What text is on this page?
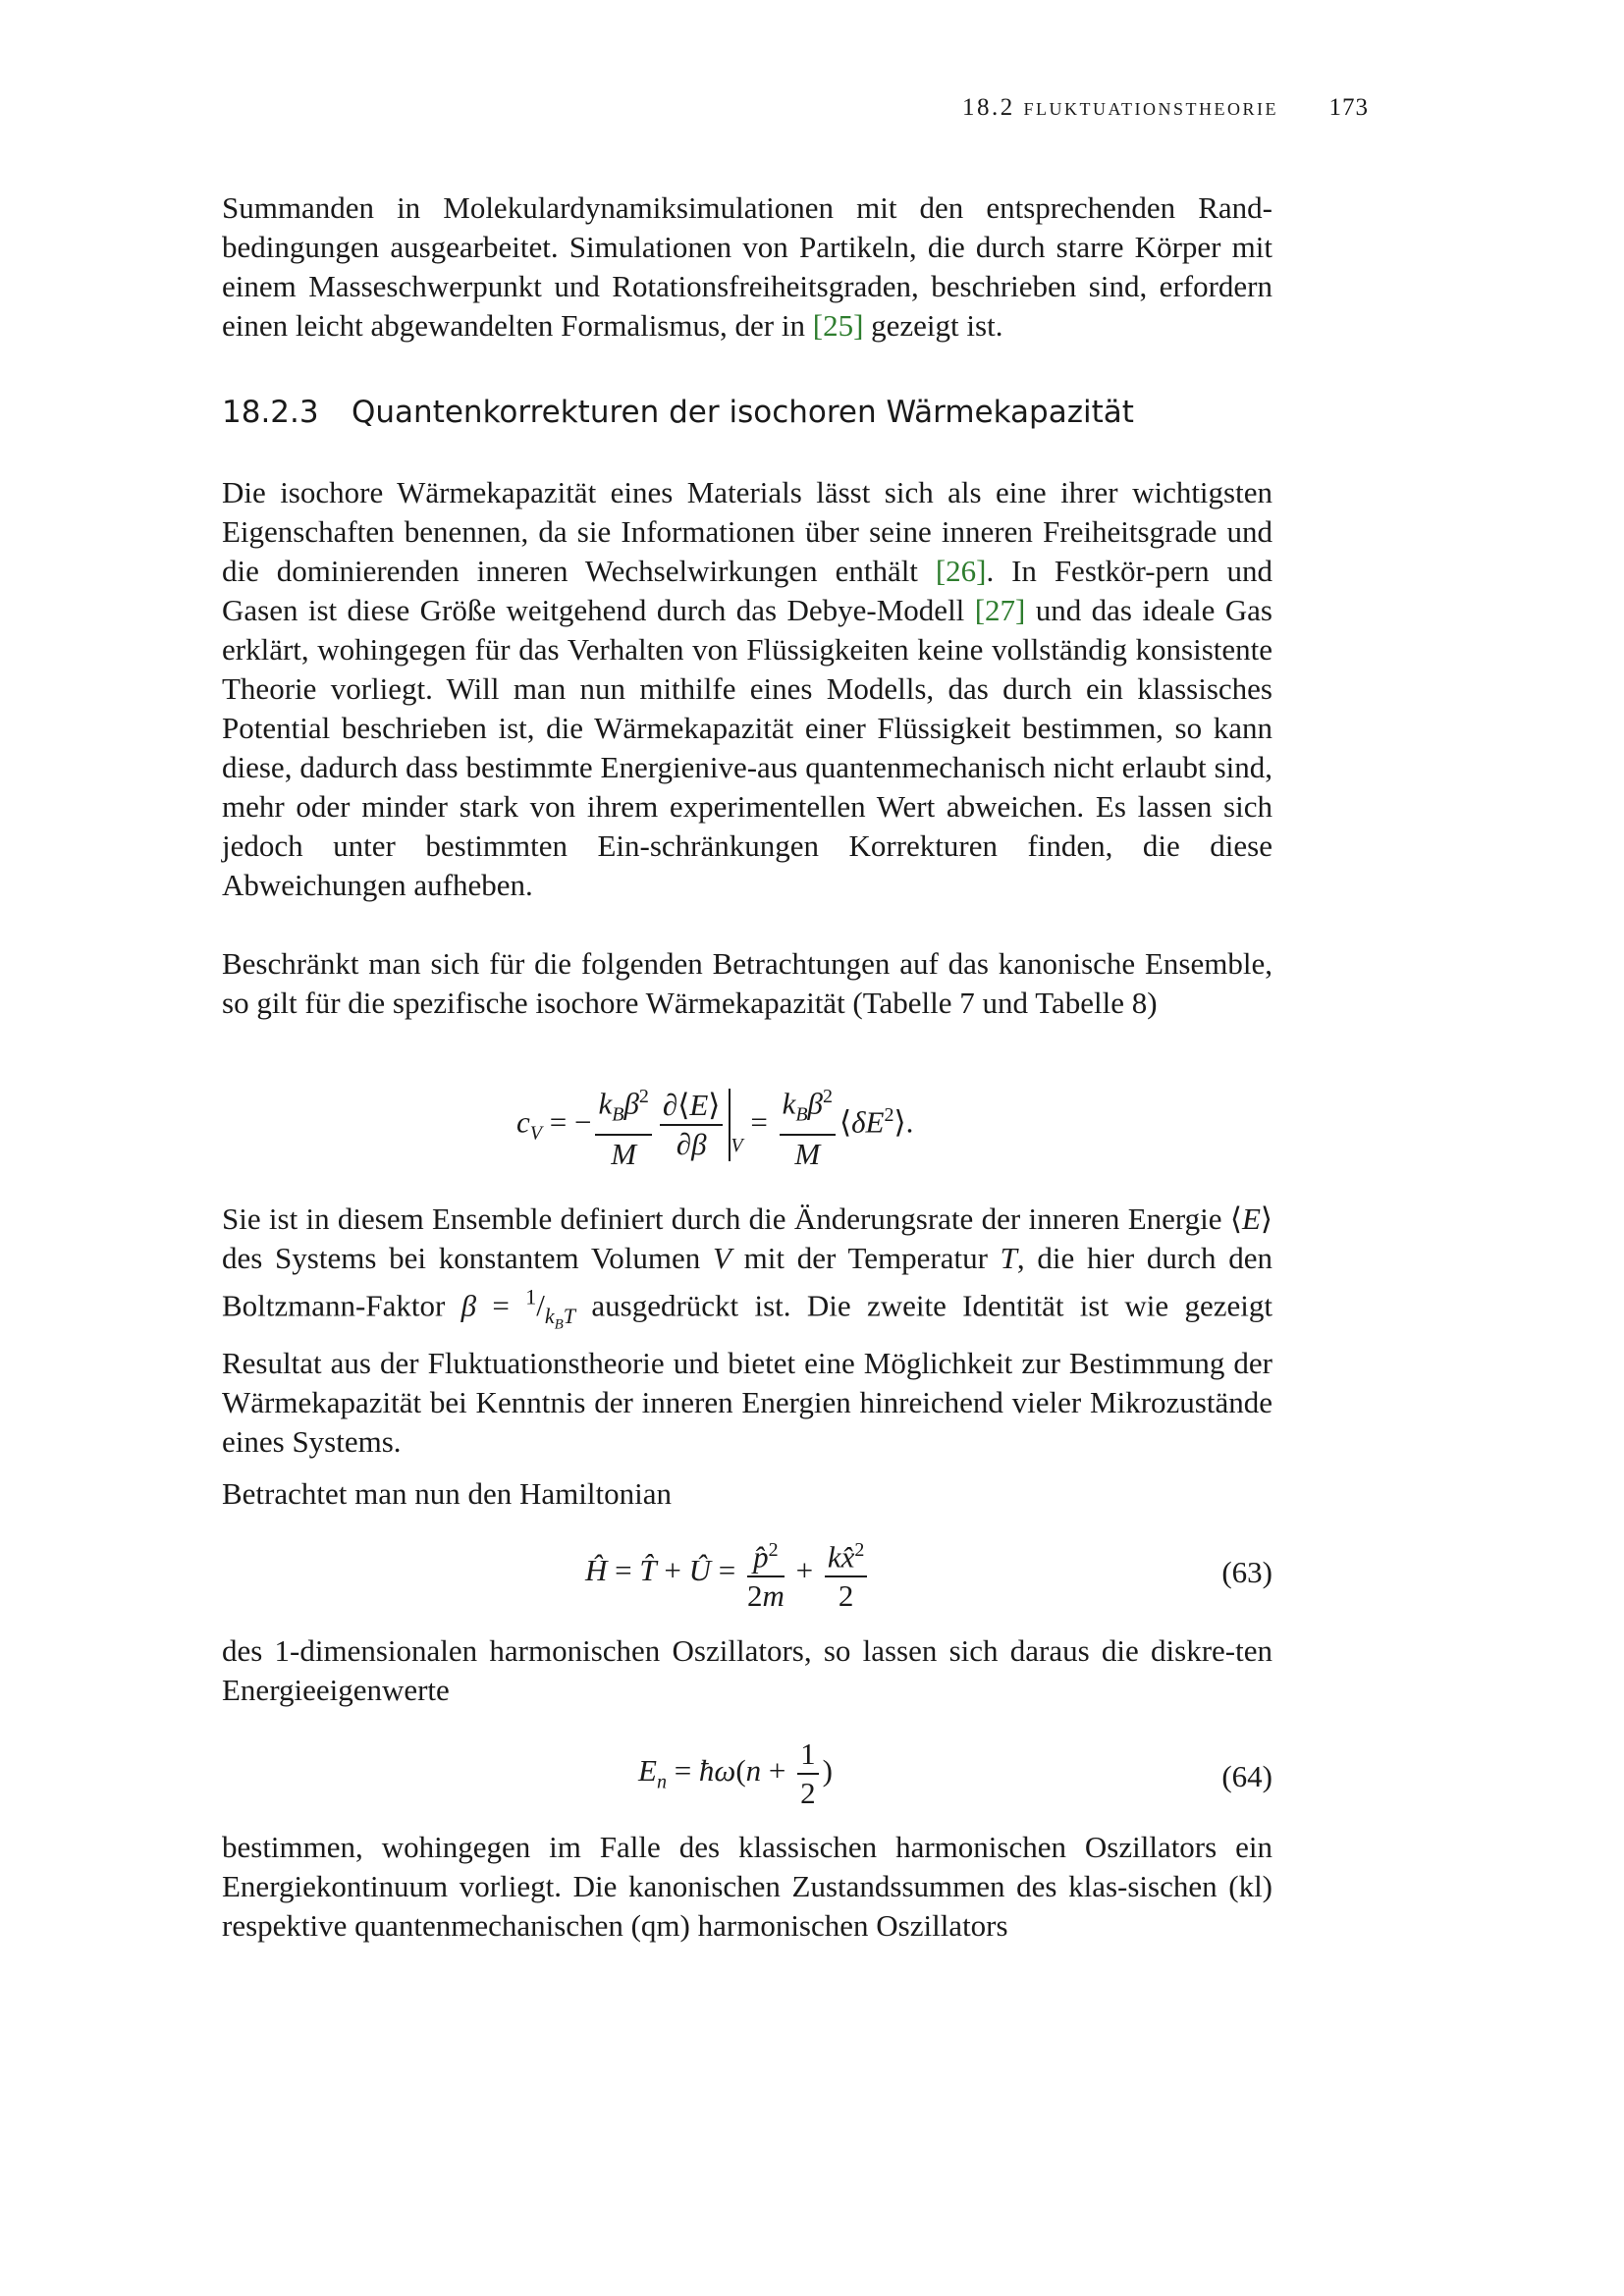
18.2 fluktuationstheorie 173

Summanden in Molekulardynamiksimulationen mit den entsprechenden Rand-bedingungen ausgearbeitet. Simulationen von Partikeln, die durch starre Körper mit einem Masseschwerpunkt und Rotationsfreiheitsgraden, beschrieben sind, erfordern einen leicht abgewandelten Formalismus, der in [25] gezeigt ist.

18.2.3 Quantenkorrekturen der isochoren Wärmekapazität

Die isochore Wärmekapazität eines Materials lässt sich als eine ihrer wichtigsten Eigenschaften benennen, da sie Informationen über seine inneren Freiheitsgrade und die dominierenden inneren Wechselwirkungen enthält [26]. In Festkör-pern und Gasen ist diese Größe weitgehend durch das Debye-Modell [27] und das ideale Gas erklärt, wohingegen für das Verhalten von Flüssigkeiten keine vollständig konsistente Theorie vorliegt. Will man nun mithilfe eines Modells, das durch ein klassisches Potential beschrieben ist, die Wärmekapazität einer Flüssigkeit bestimmen, so kann diese, dadurch dass bestimmte Energienive-aus quantenmechanisch nicht erlaubt sind, mehr oder minder stark von ihrem experimentellen Wert abweichen. Es lassen sich jedoch unter bestimmten Ein-schränkungen Korrekturen finden, die diese Abweichungen aufheben.

Beschränkt man sich für die folgenden Betrachtungen auf das kanonische Ensemble, so gilt für die spezifische isochore Wärmekapazität (Tabelle 7 und Tabelle 8)

$c_V$ = − $\frac{k_B\beta^2}{M} \frac{\partial⟨E⟩}{\partial\beta} _V = \frac{k_B\beta^2}{M}$ $⟨\delta E^2⟩$.

Sie ist in diesem Ensemble definiert durch die Änderungsrate der inneren Energie ⟨E⟩ des Systems bei konstantem Volumen V mit der Temperatur T, die hier durch den Boltzmann-Faktor $\beta = ^1/_{k_BT}$ ausgedrückt ist. Die zweite Identität ist wie gezeigt Resultat aus der Fluktuationstheorie und bietet eine Möglichkeit zur Bestimmung der Wärmekapazität bei Kenntnis der inneren Energien hinreichend vieler Mikrozustände eines Systems.

Betrachtet man nun den Hamiltonian

Ĥ = T̂ + Û = $\frac{p̂^2}{2m} + \frac{kx̂^2}{2}$	(63)

des 1-dimensionalen harmonischen Oszillators, so lassen sich daraus die diskre-ten Energieeigenwerte

$E_n$ = ħω(n + $\frac{1}{2}$ )	(64)

bestimmen, wohingegen im Falle des klassischen harmonischen Oszillators ein Energiekontinuum vorliegt. Die kanonischen Zustandssummen des klas-sischen (kl) respektive quantenmechanischen (qm) harmonischen Oszillators
